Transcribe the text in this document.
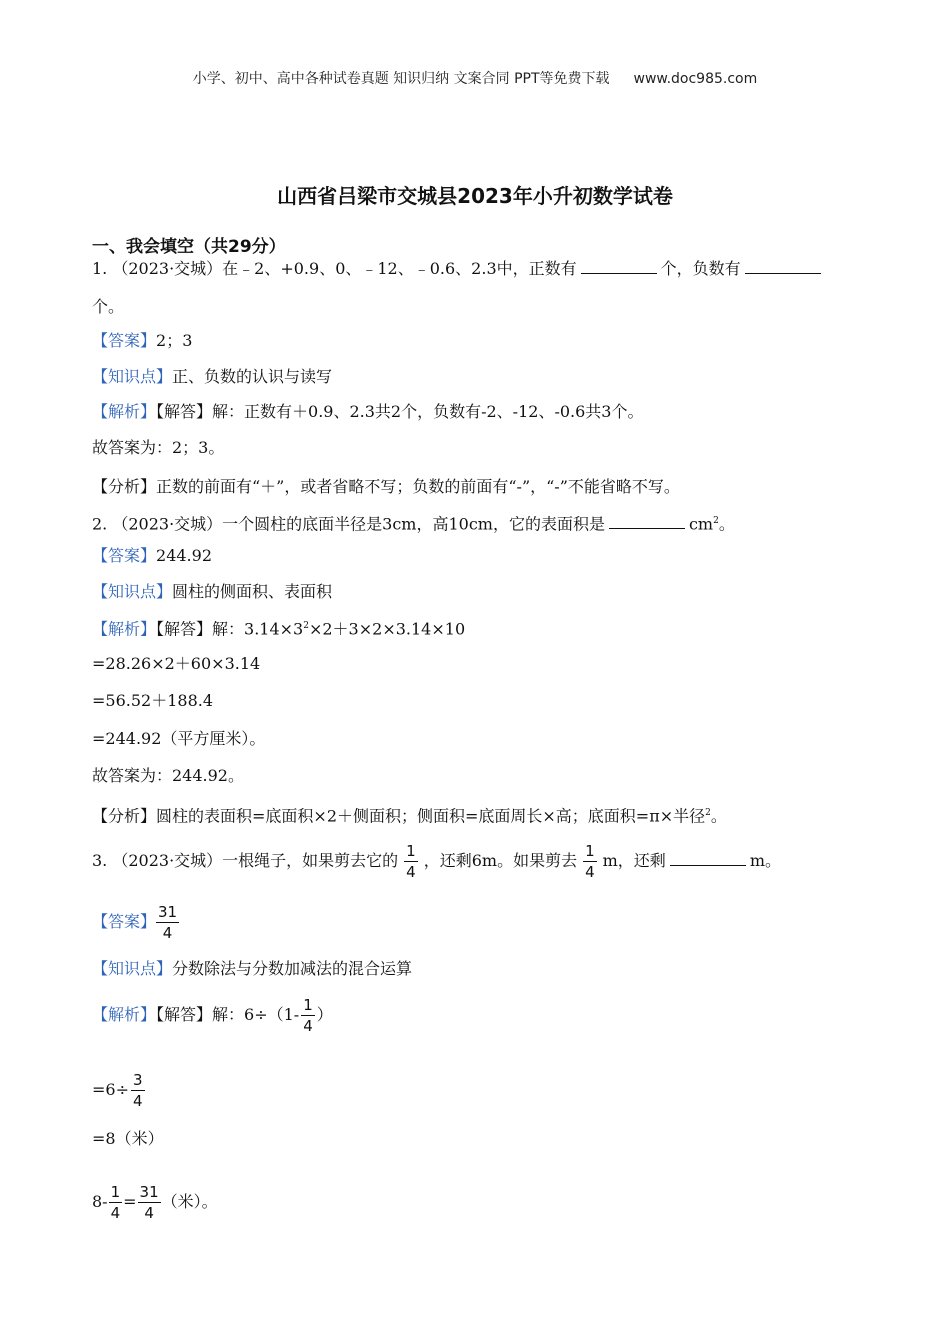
小学、初中、高中各种试卷真题 知识归纳 文案合同 PPT等免费下载 www.doc985.com
山西省吕梁市交城县2023年小升初数学试卷
一、我会填空（共29分）
1. （2023·交城）在﹣2、+0.9、0、﹣12、﹣0.6、2.3中，正数有	个，负数有
个。
【答案】2；3
【知识点】正、负数的认识与读写
【解析】【解答】解：正数有＋0.9、2.3共2个，负数有-2、-12、-0.6共3个。
故答案为：2；3。
【分析】正数的前面有“＋”，或者省略不写；负数的前面有“-”，“-”不能省略不写。
2. （2023·交城）一个圆柱的底面半径是3cm，高10cm，它的表面积是	$cm^2$。
【答案】244.92
【知识点】圆柱的侧面积、表面积
【解析】【解答】解：$3.14\times 3^2\times 2+3\times 2\times 3.14\times 10$
=28.26×2＋60×3.14
=56.52＋188.4
=244.92（平方厘米）。
故答案为：244.92。
【分析】圆柱的表面积=底面积×2＋侧面积；侧面积=底面周长×高；底面积=π×半径$^2$。
3. （2023·交城）一根绳子，如果剪去它的 $\frac{1}{4}$ ，还剩6m。如果剪去 $\frac{1}{4}$ m，还剩	m。
【答案】 $\frac{31}{4}$
【知识点】分数除法与分数加减法的混合运算
【解析】【解答】解：$6\div(1- \frac{1}{4}$ ）
$=6\div \frac{3}{4}$
=8（米）
$8- \frac{1}{4} = \frac{31}{4}$ （米）。
